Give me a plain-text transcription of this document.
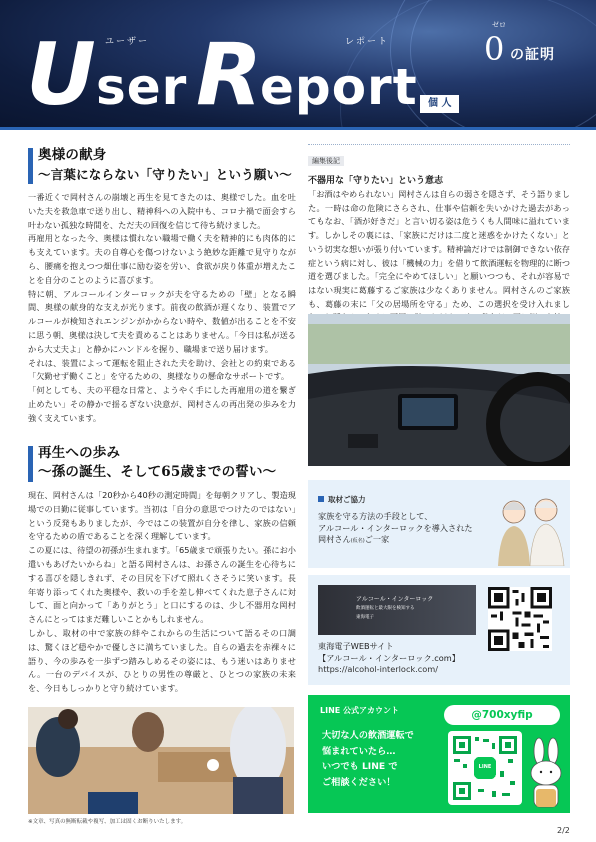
ユーザー	レポート
U ser R eport
ゼロ
0 の証明
個 人
奥様の献身
〜言葉にならない「守りたい」という願い〜

一番近くで岡村さんの崩壊と再生を見てきたのは、奥様でした。血を吐いた夫を救急車で送り出し、精神科への入院中も、コロナ禍で面会すら叶わない孤独な時間を、ただ夫の回復を信じて待ち続けました。

再雇用となった今、奥様は慣れない職場で働く夫を精神的にも肉体的にも支えています。夫の自尊心を傷つけないよう絶妙な距離で見守りながら、腰痛を抱えつつ畑仕事に励む姿を労い、食欲が戻り体重が増えたことを自分のことのように喜びます。

特に朝、アルコールインターロックが夫を守るための「壁」となる瞬間、奥様の献身的な支えが光ります。前夜の飲酒が遅くなり、装置でアルコールが検知されエンジンがかからない時や、数値が出ることを不安に思う朝、奥様は決して夫を責めることはありません。「今日は私が送るから大丈夫よ」と静かにハンドルを握り、職場まで送り届けます。

それは、装置によって運転を阻止された夫を助け、会社との約束である「欠勤せず働くこと」を守るための、奥様なりの懸命なサポートです。

「何としても、夫の平穏な日常と、ようやく手にした再雇用の道を繋ぎ止めたい」その静かで揺るぎない決意が、岡村さんの再出発の歩みを力強く支えています。

再生への歩み
〜孫の誕生、そして65歳までの誓い〜

現在、岡村さんは「20秒から40秒の測定時間」を毎朝クリアし、製造現場での日勤に従事しています。当初は「自分の意思でつけたのではない」という反発もありましたが、今ではこの装置が自分を律し、家族の信頼を守るための盾であることを深く理解しています。

この夏には、待望の初孫が生まれます。「65歳まで頑張りたい。孫にお小遣いもあげたいからね」と語る岡村さんは、お孫さんの誕生を心待ちにする喜びを隠しきれず、その目尻を下げて照れくさそうに笑います。長年寄り添ってくれた奥様や、救いの手を差し伸べてくれた息子さんに対して、面と向かって「ありがとう」と口にするのは、少し不器用な岡村さんにとってはまだ難しいことかもしれません。

しかし、取材の中で家族の絆やこれからの生活について語るその口調は、驚くほど穏やかで優しさに満ちていました。自らの過去を赤裸々に語り、今の歩みを一歩ずつ踏みしめるその姿には、もう迷いはありません。一台のデバイスが、ひとりの男性の尊厳と、ひとつの家族の未来を、今日もしっかりと守り続けています。

※文章、写真の無断転載や複写、加工は固くお断りいたします。
編集後記
不器用な「守りたい」という意志

「お酒はやめられない」岡村さんは自らの弱さを隠さず、そう語りました。一時は命の危険にさらされ、仕事や信頼を失いかけた過去があってもなお、「酒が好きだ」と言い切る姿は危うくも人間味に溢れています。しかしその裏には、「家族にだけは二度と迷惑をかけたくない」という切実な想いが張り付いています。精神論だけでは制御できない依存症という病に対し、彼は「機械の力」を借りて飲酒運転を物理的に断つ道を選びました。「完全にやめてほしい」と願いつつも、それが容易ではない現実に葛藤するご家族は少なくありません。岡村さんのご家族も、葛藤の末に「父の居場所を守る」ため、この選択を受け入れまし

取材ご協力
家族を守る方法の手段として、
アルコール・インターロックを導入された
岡村さん(仮名)ご一家
アルコール・インターロック
飲酒運転と最大限を検知する
東海電子
東海電子WEBサイト
【アルコール・インターロック.com】
https://alcohol-interlock.com/
LINE 公式アカウント
大切な人の飲酒運転で
悩まれていたら…
いつでも LINE で
ご相談ください！
@700xyfip
LINE
2/2
